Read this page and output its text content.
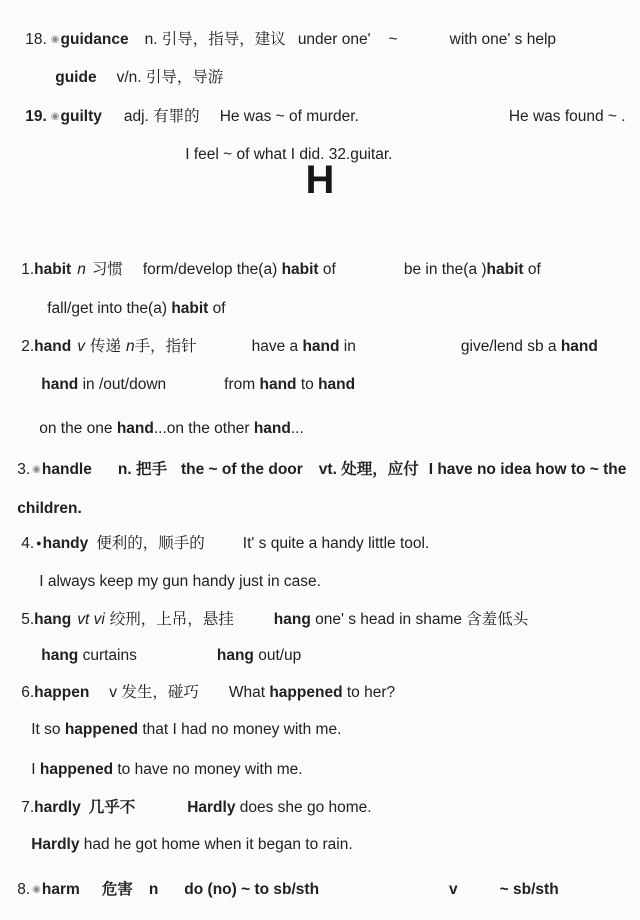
18. ◉guidance n. 引导，指导，建议 under one' ~	with one' s help

guide v/n. 引导，导游

19. ◉guilty adj. 有罪的 He was ~ of murder.	He was found ~ .

I feel ~ of what I did. 32.guitar.

H

1.habit n 习惯 form/develop the(a) habit of	be in the(a )habit of

fall/get into the(a) habit of

2.hand v 传递 n手，指针	have a hand in	give/lend sb a hand

hand in /out/down	from hand to hand

on the one hand...on the other hand...

3. ◉handle n. 把手 the ~ of the door vt. 处理，应付 I have no idea how to ~ the

children.

4. ●handy 便利的，顺手的 It' s quite a handy little tool.

I always keep my gun handy just in case.

5.hang vt vi 绞刑，上吊，悬挂	hang one' s head in shame 含羞低头

hang curtains	hang out/up

6.happen v 发生，碰巧 What happened to her?

It so happened that I had no money with me.

I happened to have no money with me.

7.hardly 几乎不	Hardly does she go home.

Hardly had he got home when it began to rain.

8. ◉harm 危害 n do (no) ~ to sb/sth	v	~ sb/sth
